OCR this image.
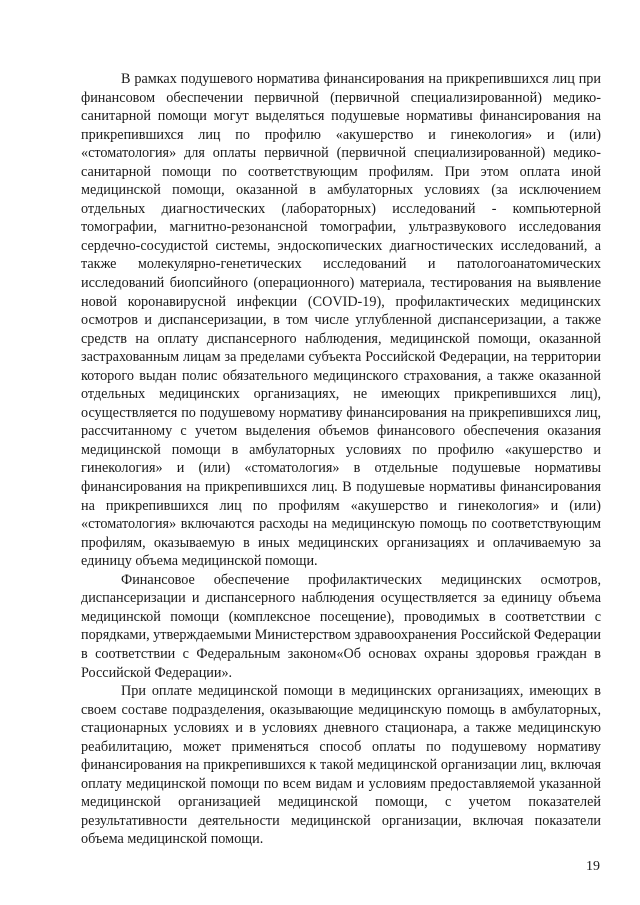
В рамках подушевого норматива финансирования на прикрепившихся лиц при финансовом обеспечении первичной (первичной специализированной) медико-санитарной помощи могут выделяться подушевые нормативы финансирования на прикрепившихся лиц по профилю «акушерство и гинекология» и (или) «стоматология» для оплаты первичной (первичной специализированной) медико-санитарной помощи по соответствующим профилям. При этом оплата иной медицинской помощи, оказанной в амбулаторных условиях (за исключением отдельных диагностических (лабораторных) исследований - компьютерной томографии, магнитно-резонансной томографии, ультразвукового исследования сердечно-сосудистой системы, эндоскопических диагностических исследований, а также молекулярно-генетических исследований и патологоанатомических исследований биопсийного (операционного) материала, тестирования на выявление новой коронавирусной инфекции (COVID-19), профилактических медицинских осмотров и диспансеризации, в том числе углубленной диспансеризации, а также средств на оплату диспансерного наблюдения, медицинской помощи, оказанной застрахованным лицам за пределами субъекта Российской Федерации, на территории которого выдан полис обязательного медицинского страхования, а также оказанной отдельных медицинских организациях, не имеющих прикрепившихся лиц), осуществляется по подушевому нормативу финансирования на прикрепившихся лиц, рассчитанному с учетом выделения объемов финансового обеспечения оказания медицинской помощи в амбулаторных условиях по профилю «акушерство и гинекология» и (или) «стоматология» в отдельные подушевые нормативы финансирования на прикрепившихся лиц. В подушевые нормативы финансирования на прикрепившихся лиц по профилям «акушерство и гинекология» и (или) «стоматология» включаются расходы на медицинскую помощь по соответствующим профилям, оказываемую в иных медицинских организациях и оплачиваемую за единицу объема медицинской помощи.

Финансовое обеспечение профилактических медицинских осмотров, диспансеризации и диспансерного наблюдения осуществляется за единицу объема медицинской помощи (комплексное посещение), проводимых в соответствии с порядками, утверждаемыми Министерством здравоохранения Российской Федерации в соответствии с Федеральным законом«Об основах охраны здоровья граждан в Российской Федерации».

При оплате медицинской помощи в медицинских организациях, имеющих в своем составе подразделения, оказывающие медицинскую помощь в амбулаторных, стационарных условиях и в условиях дневного стационара, а также медицинскую реабилитацию, может применяться способ оплаты по подушевому нормативу финансирования на прикрепившихся к такой медицинской организации лиц, включая оплату медицинской помощи по всем видам и условиям предоставляемой указанной медицинской организацией медицинской помощи, с учетом показателей результативности деятельности медицинской организации, включая показатели объема медицинской помощи.

19
